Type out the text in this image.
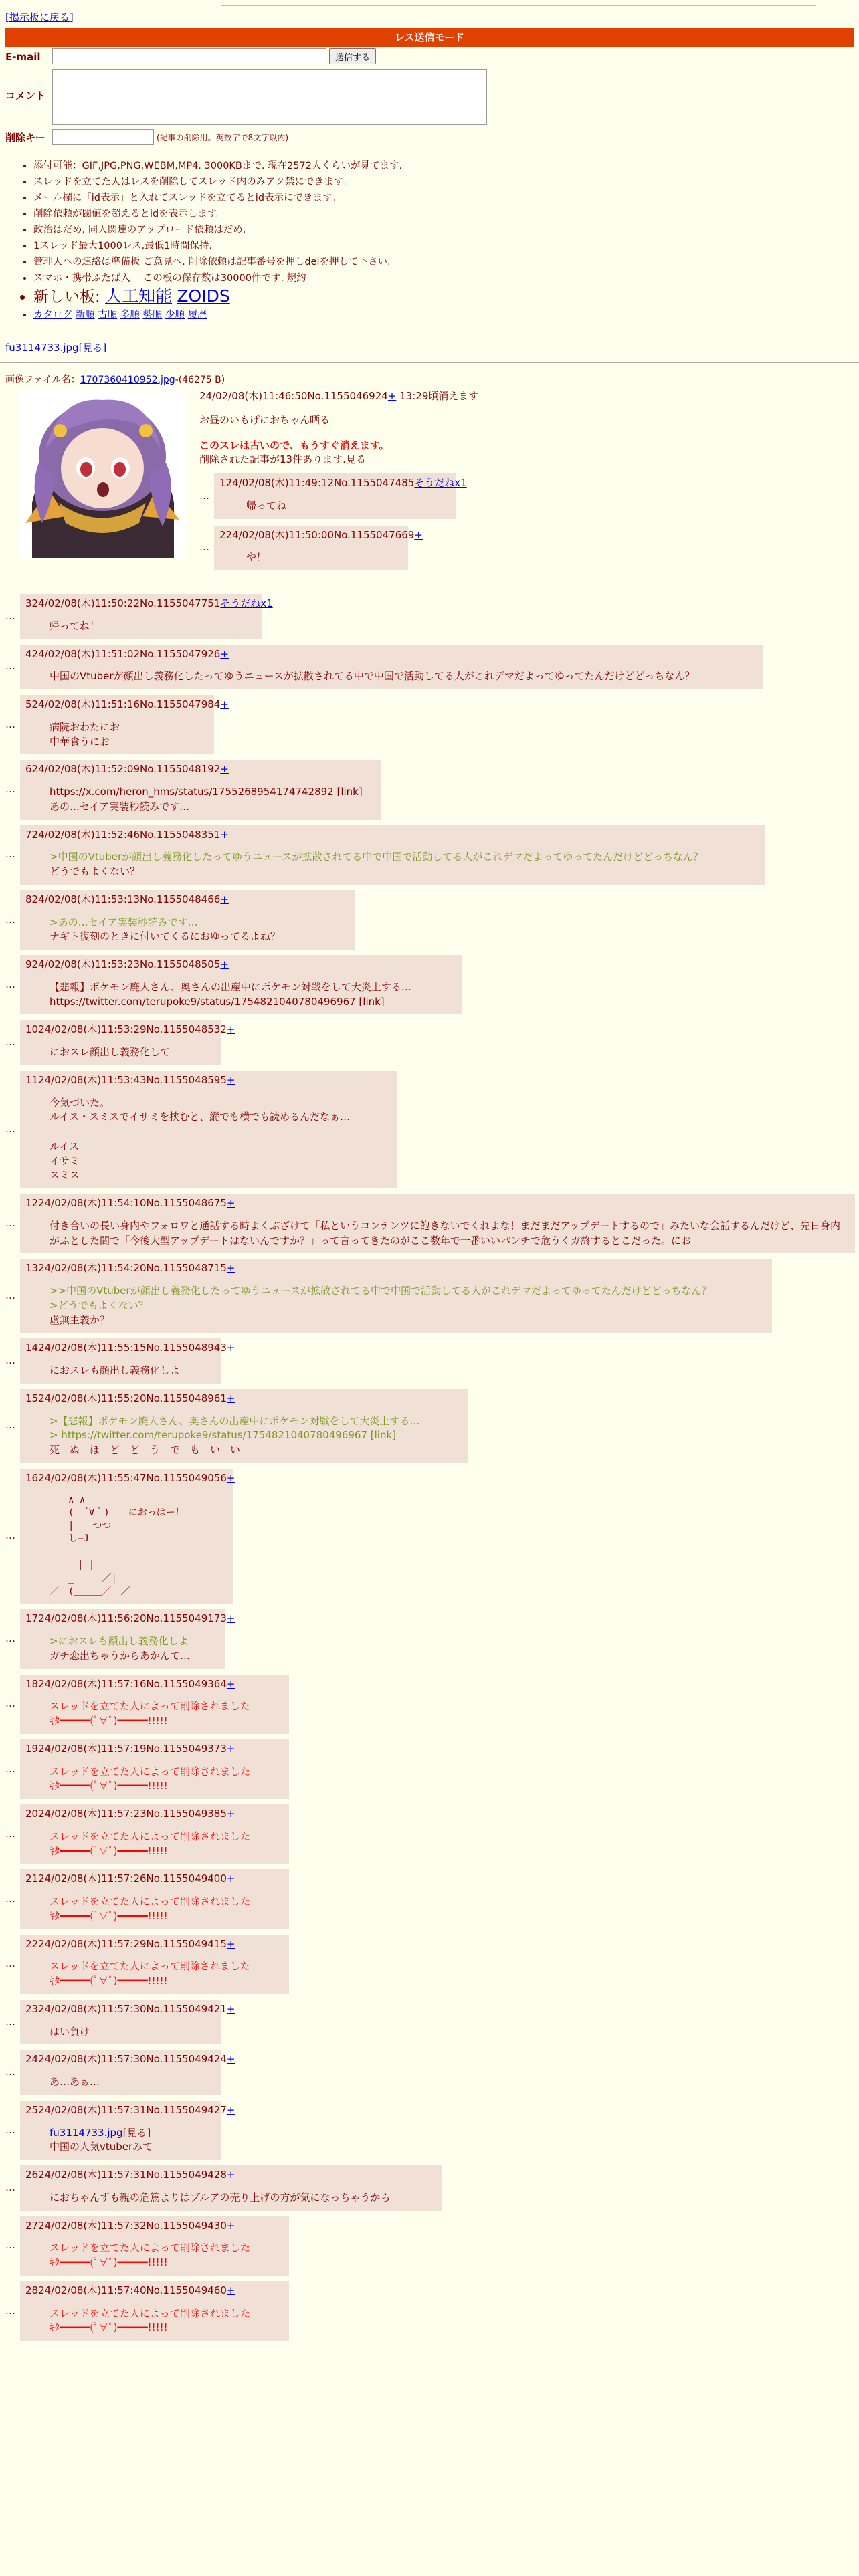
[掲示板に戻る]
レス送信モード
E-mail	送信する
コメント
削除キー	(記事の削除用。英数字で8文字以内)
• 添付可能：GIF,JPG,PNG,WEBM,MP4. 3000KBまで. 現在2572人くらいが見てます.
• スレッドを立てた人はレスを削除してスレッド内のみアク禁にできます。
• メール欄に「id表示」と入れてスレッドを立てるとid表示にできます。
• 削除依頼が閾値を超えるとidを表示します。
• 政治はだめ, 同人関連のアップロード依頼はだめ.
• 1スレッド最大1000レス,最低1時間保持.
• 管理人への連絡は準備板 ご意見へ. 削除依頼は記事番号を押しdelを押して下さい.
• スマホ・携帯ふたば入口 この板の保存数は30000件です. 規約
• 新しい板: 人工知能 ZOIDS
• カタログ 新順 古順 多順 勢順 少順 履歴
fu3114733.jpg[見る]
画像ファイル名：1707360410952.jpg-(46275 B)

24/02/08(木)11:46:50No.1155046924+ 13:29頃消えます

お昼のいもげにおちゃん晒る

このスレは古いので、もうすぐ消えます。

削除された記事が13件あります.見る

…
124/02/08(木)11:49:12No.1155047485そうだねx1
帰ってね
…
224/02/08(木)11:50:00No.1155047669+
や！
…
324/02/08(木)11:50:22No.1155047751そうだねx1
帰ってね！
…
424/02/08(木)11:51:02No.1155047926+
中国のVtuberが顔出し義務化したってゆうニュースが拡散されてる中で中国で活動してる人がこれデマだよってゆってたんだけどどっちなん？
…
524/02/08(木)11:51:16No.1155047984+
病院おわたにお
中華食うにお
…
624/02/08(木)11:52:09No.1155048192+
https://x.com/heron_hms/status/1755268954174742892 [link]
あの…セイア実装秒読みです…
…
724/02/08(木)11:52:46No.1155048351+
>中国のVtuberが顔出し義務化したってゆうニュースが拡散されてる中で中国で活動してる人がこれデマだよってゆってたんだけどどっちなん？
どうでもよくない？
…
824/02/08(木)11:53:13No.1155048466+
>あの…セイア実装秒読みです…
ナギト復刻のときに付いてくるにおゆってるよね？
…
924/02/08(木)11:53:23No.1155048505+
【悲報】ポケモン廃人さん、奥さんの出産中にポケモン対戦をして大炎上する…
https://twitter.com/terupoke9/status/1754821040780496967 [link]
…
1024/02/08(木)11:53:29No.1155048532+
におスレ顔出し義務化して
…
1124/02/08(木)11:53:43No.1155048595+
今気づいた。
ルイス・スミスでイサミを挟むと、縦でも横でも読めるんだなぁ…

ルイス
イサミ
スミス
…
1224/02/08(木)11:54:10No.1155048675+
付き合いの長い身内やフォロワと通話する時よくぶざけて「私というコンテンツに飽きないでくれよな！まだまだアップデートするので」みたいな会話するんだけど、先日身内がふとした間で「今後大型アップデートはないんですか？」って言ってきたのがここ数年で一番いいパンチで危うくガ終するとこだった。にお
…
1324/02/08(木)11:54:20No.1155048715+
>>中国のVtuberが顔出し義務化したってゆうニュースが拡散されてる中で中国で活動してる人がこれデマだよってゆってたんだけどどっちなん？
>どうでもよくない？
虚無主義か？
…
1424/02/08(木)11:55:15No.1155048943+
におスレも顔出し義務化しよ
…
1524/02/08(木)11:55:20No.1155048961+
>【悲報】ポケモン廃人さん、奥さんの出産中にポケモン対戦をして大炎上する…
> https://twitter.com/terupoke9/status/1754821040780496967 [link]
死　ぬ　ほ　ど　ど　う　で　も　い　い
…
1624/02/08(木)11:55:47No.1155049056+
　　∧_∧
　　(　´∀｀)　　におっはー！
　　|　　つつ
　　し―J

　　　| |
　＿_　　　／|＿＿
／　(＿＿＿／　／
…
1724/02/08(木)11:56:20No.1155049173+
>におスレも顔出し義務化しよ
ガチ恋出ちゃうからあかんて…
…
1824/02/08(木)11:57:16No.1155049364+
スレッドを立てた人によって削除されました
ｷﾀ━━━━━(ﾟ∀ﾟ)━━━━━!!!!!
…
1924/02/08(木)11:57:19No.1155049373+
スレッドを立てた人によって削除されました
ｷﾀ━━━━━(ﾟ∀ﾟ)━━━━━!!!!!
…
2024/02/08(木)11:57:23No.1155049385+
スレッドを立てた人によって削除されました
ｷﾀ━━━━━(ﾟ∀ﾟ)━━━━━!!!!!
…
2124/02/08(木)11:57:26No.1155049400+
スレッドを立てた人によって削除されました
ｷﾀ━━━━━(ﾟ∀ﾟ)━━━━━!!!!!
…
2224/02/08(木)11:57:29No.1155049415+
スレッドを立てた人によって削除されました
ｷﾀ━━━━━(ﾟ∀ﾟ)━━━━━!!!!!
…
2324/02/08(木)11:57:30No.1155049421+
はい負け
…
2424/02/08(木)11:57:30No.1155049424+
あ…あぁ…
…
2524/02/08(木)11:57:31No.1155049427+
fu3114733.jpg[見る]
中国の人気vtuberみて
…
2624/02/08(木)11:57:31No.1155049428+
におちゃんずも親の危篤よりはブルアの売り上げの方が気になっちゃうから
…
2724/02/08(木)11:57:32No.1155049430+
スレッドを立てた人によって削除されました
ｷﾀ━━━━━(ﾟ∀ﾟ)━━━━━!!!!!
…
2824/02/08(木)11:57:40No.1155049460+
スレッドを立てた人によって削除されました
ｷﾀ━━━━━(ﾟ∀ﾟ)━━━━━!!!!!
